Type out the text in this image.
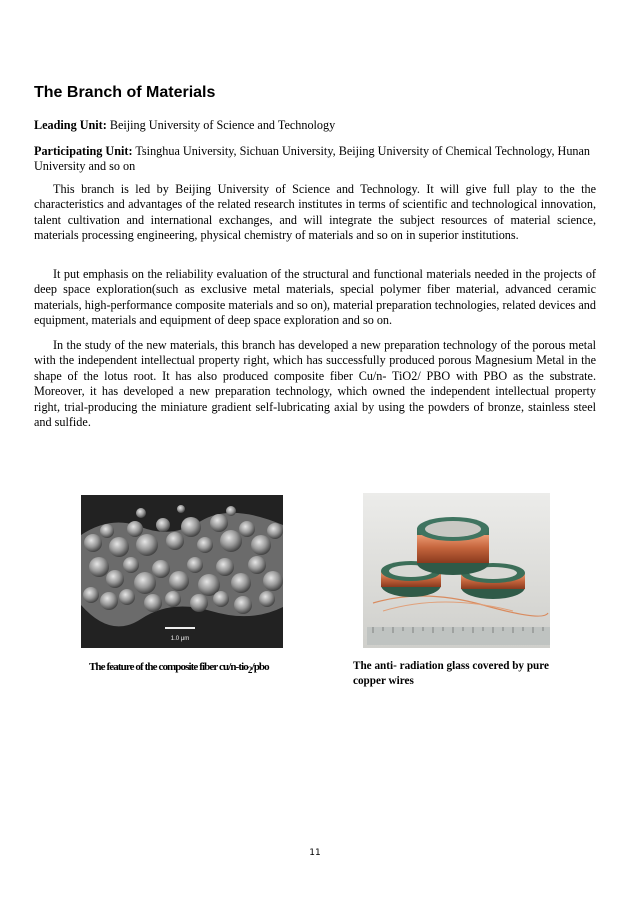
The Branch of Materials
Leading Unit: Beijing University of Science and Technology
Participating Unit: Tsinghua University, Sichuan University, Beijing University of Chemical Technology, Hunan University and so on
This branch is led by Beijing University of Science and Technology. It will give full play to the the characteristics and advantages of the related research institutes in terms of scientific and technological innovation, talent cultivation and international exchanges, and will integrate the subject resources of material science, materials processing engineering, physical chemistry of materials and so on in superior institutions.
It put emphasis on the reliability evaluation of the structural and functional materials needed in the projects of deep space exploration(such as exclusive metal materials, special polymer fiber material, advanced ceramic materials, high-performance composite materials and so on), material preparation technologies, related devices and equipment, materials and equipment of deep space exploration and so on.
In the study of the new materials, this branch has developed a new preparation technology of the porous metal with the independent intellectual property right, which has successfully produced porous Magnesium Metal in the shape of the lotus root. It has also produced composite fiber Cu/n- TiO2/ PBO with PBO as the substrate. Moreover, it has developed a new preparation technology, which owned the independent intellectual property right, trial-producing the miniature gradient self-lubricating axial by using the powders of bronze, stainless steel and sulfide.
1.0 μm
The feature of the composite fiber cu/n-tio$_2$/pbo	The anti- radiation glass covered by pure copper wires
11
